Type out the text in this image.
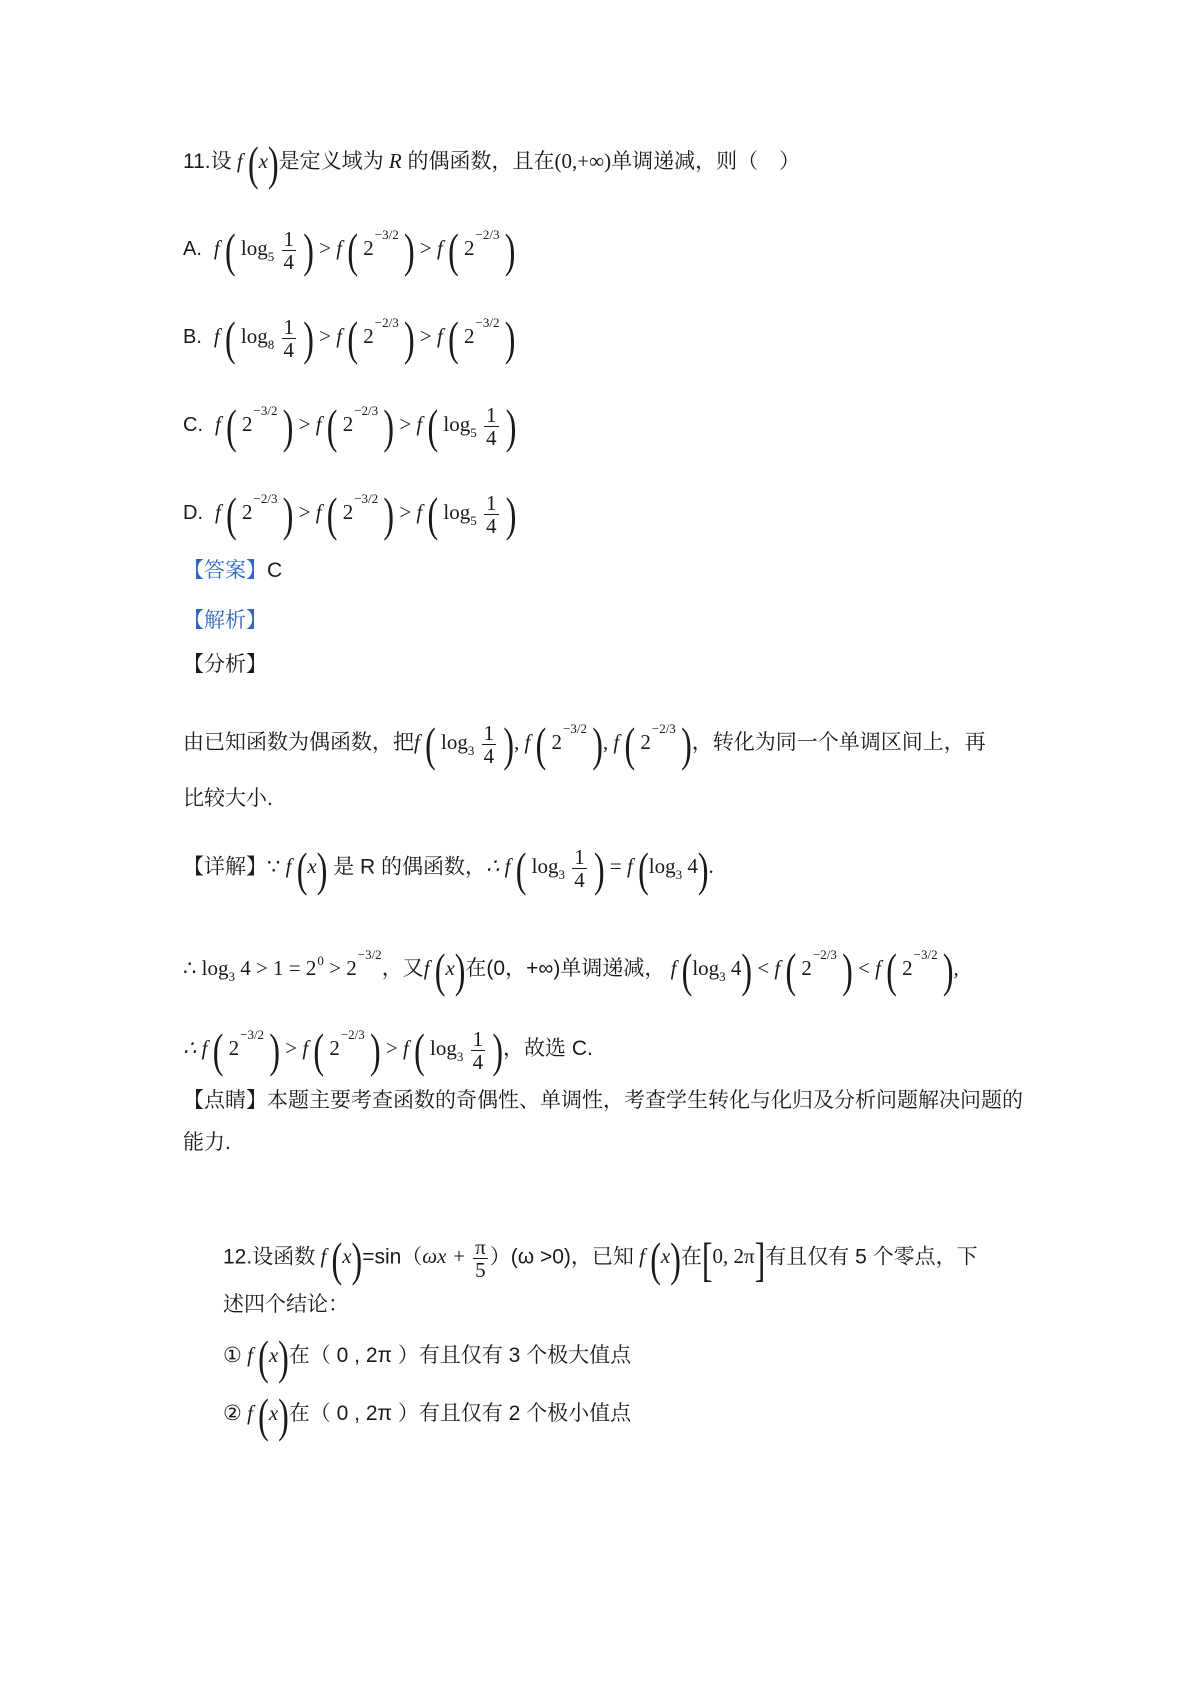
11.设 f (x)是定义域为 R 的偶函数，且在(0,+∞)单调递减，则（　）
A. f ( $\log_5 \frac{1}{4}$ ) > f ( $2^{-3/2}$ ) > f ( $2^{-2/3}$ )
B. f ( $\log_8 \frac{1}{4}$ ) > f ( $2^{-2/3}$ ) > f ( $2^{-3/2}$ )
C. f ( $2^{-3/2}$ ) > f ( $2^{-2/3}$ ) > f ( $\log_5 \frac{1}{4}$ )
D. f ( $2^{-2/3}$ ) > f ( $2^{-3/2}$ ) > f ( $\log_5 \frac{1}{4}$ )
【答案】C
【解析】
【分析】
由已知函数为偶函数，把f ( $\log_3 \frac{1}{4}$ ), f ( $2^{-3/2}$ ), f ( $2^{-2/3}$ )，转化为同一个单调区间上，再
比较大小.
【详解】∵ f (x) 是 R 的偶函数，∴ f ( $\log_3 \frac{1}{4}$ ) = f ($\log_3$ 4).
∴ $\log_3 4 > 1 = 2^0 > 2^{-3/2}$，又f (x)在(0，+∞)单调递减， f ($\log_3$ 4) < f ( $2^{-2/3}$ ) < f ( $2^{-3/2}$ ),
∴ f ( $2^{-3/2}$ ) > f ( $2^{-2/3}$ ) > f ( $\log_3 \frac{1}{4}$ )，故选 C.
【点睛】本题主要考查函数的奇偶性、单调性，考查学生转化与化归及分析问题解决问题的
能力.
12.设函数 f $(x)=\sin(\omega x + \frac{\pi}{5} )(\omega >0)$，已知 f (x)在[0, 2π]有且仅有 5 个零点，下
述四个结论：
① f (x)在（ 0 , 2π ）有且仅有 3 个极大值点
② f (x)在（ 0 , 2π ）有且仅有 2 个极小值点
